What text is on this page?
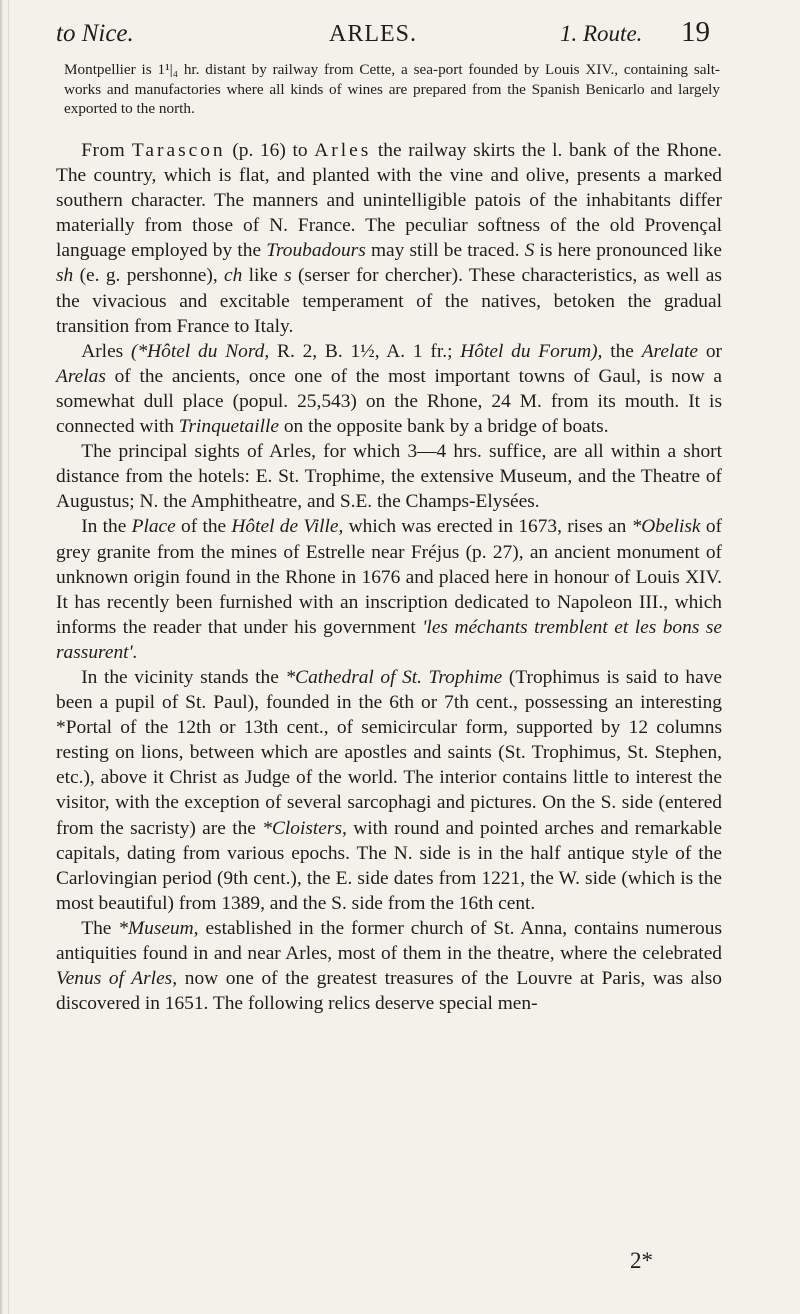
to Nice.	ARLES.	1. Route. 19

Montpellier is 1¹|₄ hr. distant by railway from Cette, a sea-port founded by Louis XIV., containing salt-works and manufactories where all kinds of wines are prepared from the Spanish Benicarlo and largely exported to the north.

From Tarascon (p. 16) to Arles the railway skirts the l. bank of the Rhone. The country, which is flat, and planted with the vine and olive, presents a marked southern character. The manners and unintelligible patois of the inhabitants differ materially from those of N. France. The peculiar softness of the old Provençal language employed by the Troubadours may still be traced. S is here pronounced like sh (e. g. pershonne), ch like s (serser for chercher). These characteristics, as well as the vivacious and excitable temperament of the natives, betoken the gradual transition from France to Italy.

Arles (*Hôtel du Nord, R. 2, B. 1½, A. 1 fr.; Hôtel du Forum), the Arelate or Arelas of the ancients, once one of the most important towns of Gaul, is now a somewhat dull place (popul. 25,543) on the Rhone, 24 M. from its mouth. It is connected with Trinquetaille on the opposite bank by a bridge of boats.

The principal sights of Arles, for which 3—4 hrs. suffice, are all within a short distance from the hotels: E. St. Trophime, the extensive Museum, and the Theatre of Augustus; N. the Amphitheatre, and S.E. the Champs-Elysées.

In the Place of the Hôtel de Ville, which was erected in 1673, rises an *Obelisk of grey granite from the mines of Estrelle near Fréjus (p. 27), an ancient monument of unknown origin found in the Rhone in 1676 and placed here in honour of Louis XIV. It has recently been furnished with an inscription dedicated to Napoleon III., which informs the reader that under his government 'les méchants tremblent et les bons se rassurent'.

In the vicinity stands the *Cathedral of St. Trophime (Trophimus is said to have been a pupil of St. Paul), founded in the 6th or 7th cent., possessing an interesting *Portal of the 12th or 13th cent., of semicircular form, supported by 12 columns resting on lions, between which are apostles and saints (St. Trophimus, St. Stephen, etc.), above it Christ as Judge of the world. The interior contains little to interest the visitor, with the exception of several sarcophagi and pictures. On the S. side (entered from the sacristy) are the *Cloisters, with round and pointed arches and remarkable capitals, dating from various epochs. The N. side is in the half antique style of the Carlovingian period (9th cent.), the E. side dates from 1221, the W. side (which is the most beautiful) from 1389, and the S. side from the 16th cent.

The *Museum, established in the former church of St. Anna, contains numerous antiquities found in and near Arles, most of them in the theatre, where the celebrated Venus of Arles, now one of the greatest treasures of the Louvre at Paris, was also discovered in 1651. The following relics deserve special men-

2*
